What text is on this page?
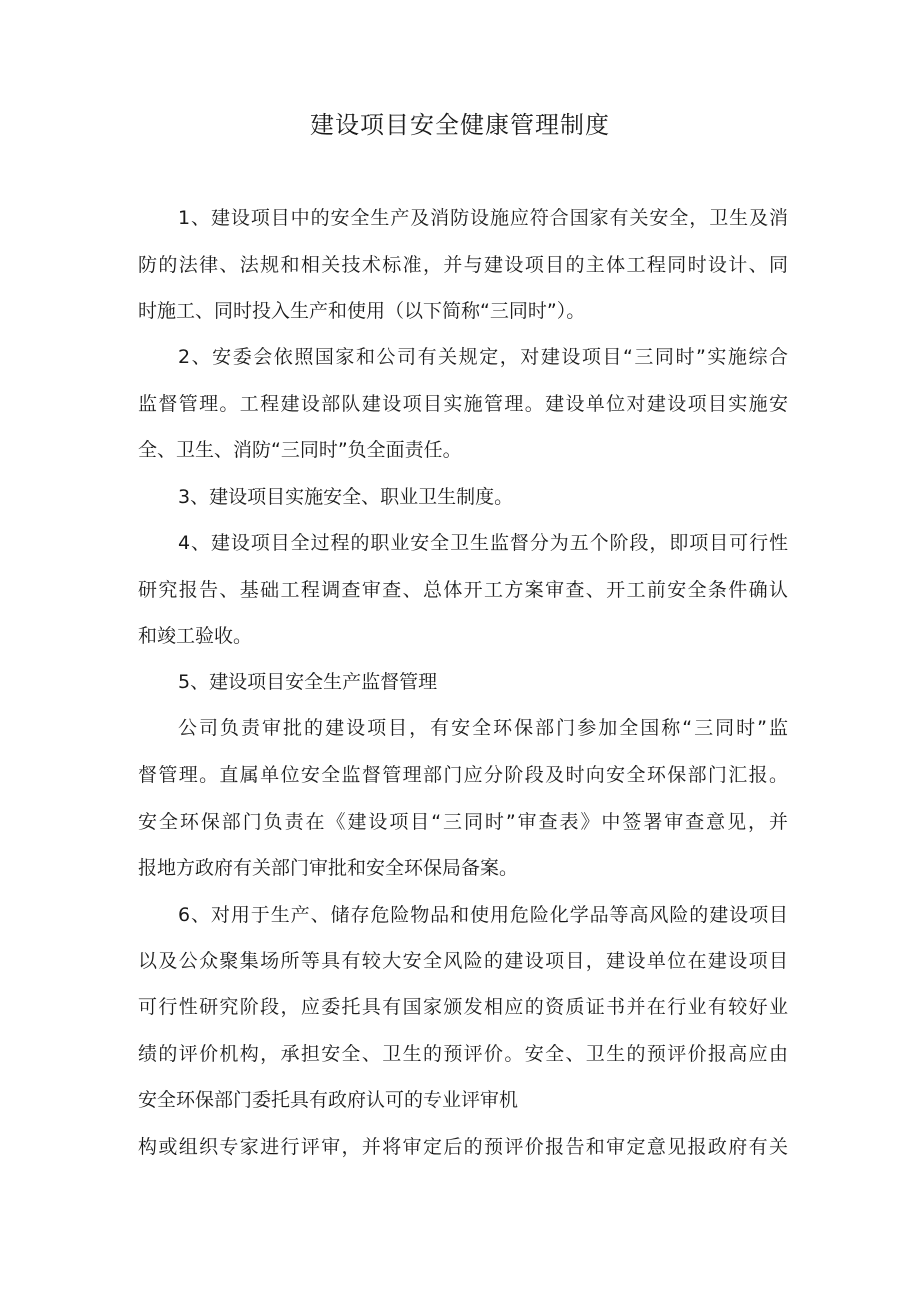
建设项目安全健康管理制度
1、建设项目中的安全生产及消防设施应符合国家有关安全，卫生及消
防的法律、法规和相关技术标准，并与建设项目的主体工程同时设计、同
时施工、同时投入生产和使用（以下简称“三同时”）。
2、安委会依照国家和公司有关规定，对建设项目“三同时”实施综合
监督管理。工程建设部队建设项目实施管理。建设单位对建设项目实施安
全、卫生、消防“三同时”负全面责任。
3、建设项目实施安全、职业卫生制度。
4、建设项目全过程的职业安全卫生监督分为五个阶段，即项目可行性
研究报告、基础工程调查审查、总体开工方案审查、开工前安全条件确认
和竣工验收。
5、建设项目安全生产监督管理
公司负责审批的建设项目，有安全环保部门参加全国称“三同时”监
督管理。直属单位安全监督管理部门应分阶段及时向安全环保部门汇报。
安全环保部门负责在《建设项目“三同时”审查表》中签署审查意见，并
报地方政府有关部门审批和安全环保局备案。
6、对用于生产、储存危险物品和使用危险化学品等高风险的建设项目
以及公众聚集场所等具有较大安全风险的建设项目，建设单位在建设项目
可行性研究阶段，应委托具有国家颁发相应的资质证书并在行业有较好业
绩的评价机构，承担安全、卫生的预评价。安全、卫生的预评价报高应由
安全环保部门委托具有政府认可的专业评审机
构或组织专家进行评审，并将审定后的预评价报告和审定意见报政府有关
